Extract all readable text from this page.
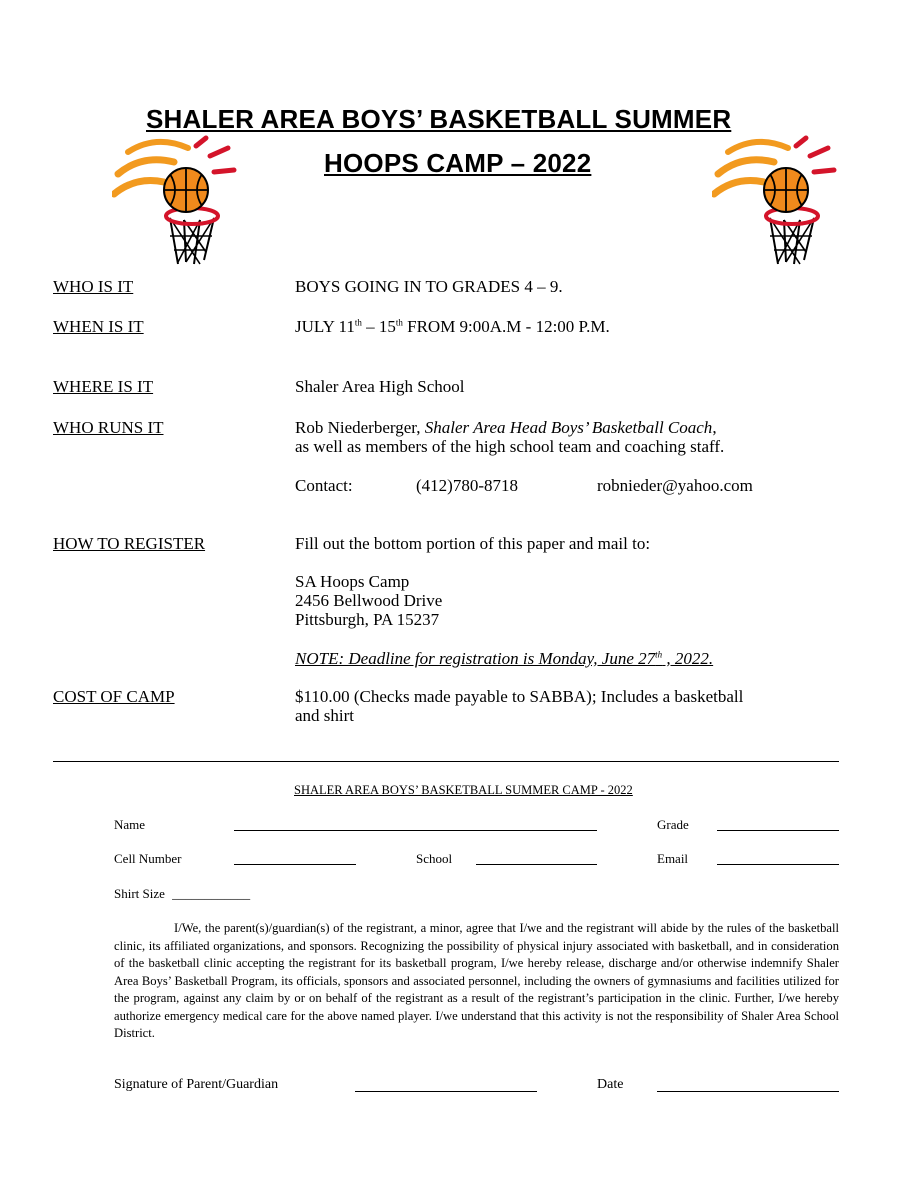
SHALER AREA BOYS’ BASKETBALL SUMMER
HOOPS CAMP – 2022
WHO IS IT	BOYS GOING IN TO GRADES 4 – 9.
WHEN IS IT	JULY 11th – 15th FROM 9:00A.M - 12:00 P.M.
WHERE IS IT	Shaler Area High School
WHO RUNS IT	Rob Niederberger, Shaler Area Head Boys’ Basketball Coach,
as well as members of the high school team and coaching staff.
Contact:	(412)780-8718	robnieder@yahoo.com
HOW TO REGISTER	Fill out the bottom portion of this paper and mail to:
SA Hoops Camp
2456 Bellwood Drive
Pittsburgh, PA 15237
NOTE: Deadline for registration is Monday, June 27th , 2022.
COST OF CAMP	$110.00 (Checks made payable to SABBA); Includes a basketball
and shirt
SHALER AREA BOYS’ BASKETBALL SUMMER CAMP - 2022
Name	Grade
Cell Number	School	Email
Shirt Size ____________
I/We, the parent(s)/guardian(s) of the registrant, a minor, agree that I/we and the registrant will abide by the rules of the basketball clinic, its affiliated organizations, and sponsors. Recognizing the possibility of physical injury associated with basketball, and in consideration of the basketball clinic accepting the registrant for its basketball program, I/we hereby release, discharge and/or otherwise indemnify Shaler Area Boys’ Basketball Program, its officials, sponsors and associated personnel, including the owners of gymnasiums and facilities utilized for the program, against any claim by or on behalf of the registrant as a result of the registrant’s participation in the clinic. Further, I/we hereby authorize emergency medical care for the above named player. I/we understand that this activity is not the responsibility of Shaler Area School District.
Signature of Parent/Guardian	Date
